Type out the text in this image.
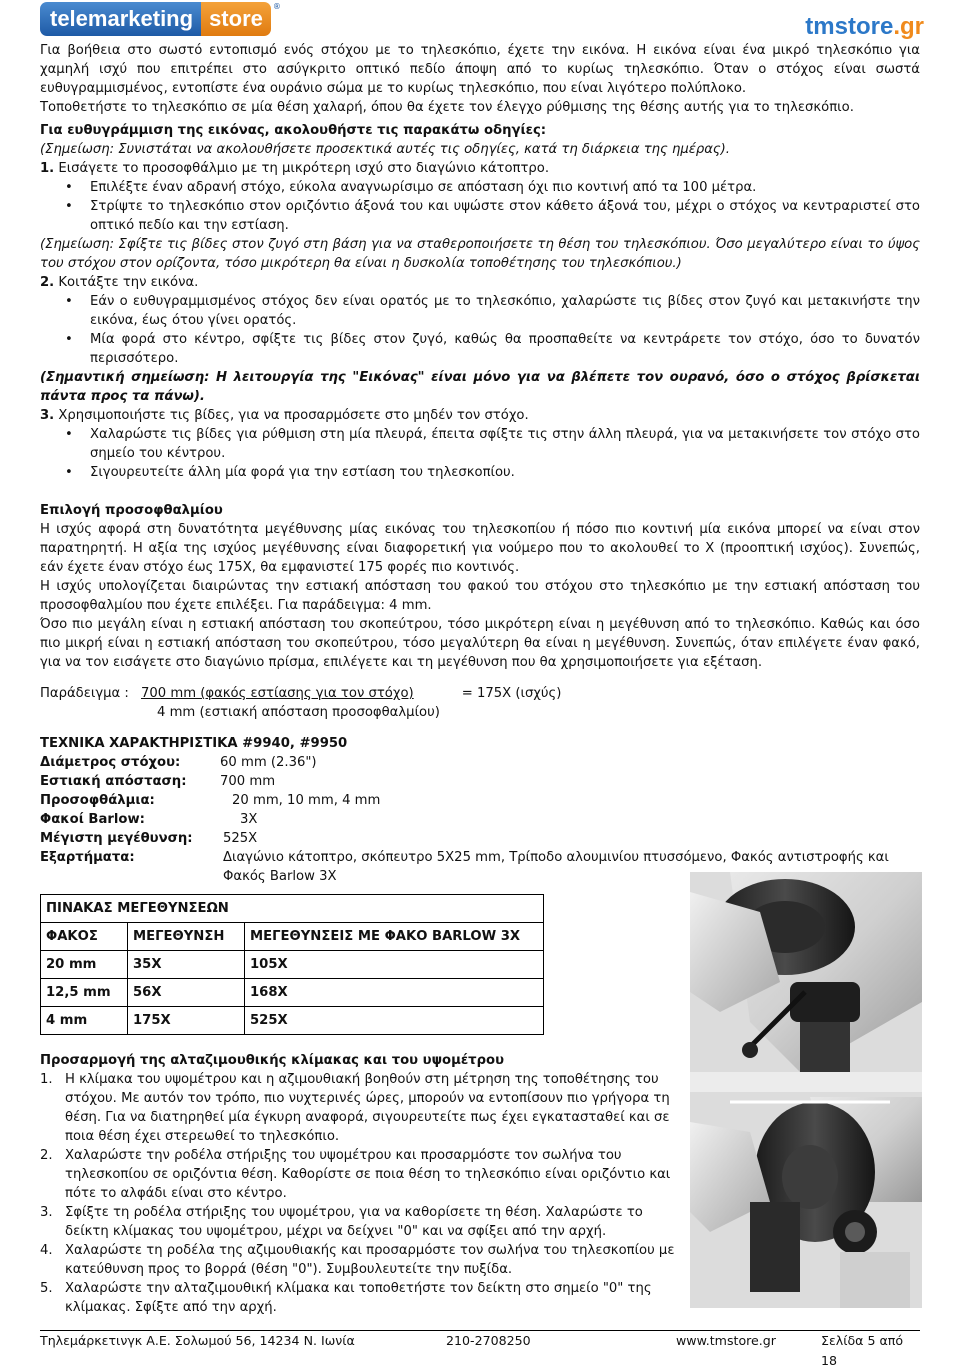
telemarketing store	®
tmstore.gr

Για βοήθεια στο σωστό εντοπισμό ενός στόχου με το τηλεσκόπιο, έχετε την εικόνα. Η εικόνα είναι ένα μικρό τηλεσκόπιο για χαμηλή ισχύ που επιτρέπει στο ασύγκριτο οπτικό πεδίο άποψη από το κυρίως τηλεσκόπιο. Όταν ο στόχος είναι σωστά ευθυγραμμισμένος, εντοπίστε ένα ουράνιο σώμα με το κυρίως τηλεσκόπιο, που είναι λιγότερο πολύπλοκο.

Τοποθετήστε το τηλεσκόπιο σε μία θέση χαλαρή, όπου θα έχετε τον έλεγχο ρύθμισης της θέσης αυτής για το τηλεσκόπιο.

Για ευθυγράμμιση της εικόνας, ακολουθήστε τις παρακάτω οδηγίες:

(Σημείωση: Συνιστάται να ακολουθήσετε προσεκτικά αυτές τις οδηγίες, κατά τη διάρκεια της ημέρας).

1. Εισάγετε το προσοφθάλμιο με τη μικρότερη ισχύ στο διαγώνιο κάτοπτρο.

•	Επιλέξτε έναν αδρανή στόχο, εύκολα αναγνωρίσιμο σε απόσταση όχι πιο κοντινή από τα 100 μέτρα.
•	Στρίψτε το τηλεσκόπιο στον οριζόντιο άξονά του και υψώστε στον κάθετο άξονά του, μέχρι ο στόχος να κεντραριστεί στο οπτικό πεδίο και την εστίαση.

(Σημείωση: Σφίξτε τις βίδες στον ζυγό στη βάση για να σταθεροποιήσετε τη θέση του τηλεσκόπιου. Όσο μεγαλύτερο είναι το ύψος του στόχου στον ορίζοντα, τόσο μικρότερη θα είναι η δυσκολία τοποθέτησης του τηλεσκόπιου.)

2. Κοιτάξτε την εικόνα.

•	Εάν ο ευθυγραμμισμένος στόχος δεν είναι ορατός με το τηλεσκόπιο, χαλαρώστε τις βίδες στον ζυγό και μετακινήστε την εικόνα, έως ότου γίνει ορατός.
•	Μία φορά στο κέντρο, σφίξτε τις βίδες στον ζυγό, καθώς θα προσπαθείτε να κεντράρετε τον στόχο, όσο το δυνατόν περισσότερο.

(Σημαντική σημείωση: Η λειτουργία της "Εικόνας" είναι μόνο για να βλέπετε τον ουρανό, όσο ο στόχος βρίσκεται πάντα προς τα πάνω).

3. Χρησιμοποιήστε τις βίδες, για να προσαρμόσετε στο μηδέν τον στόχο.

•	Χαλαρώστε τις βίδες για ρύθμιση στη μία πλευρά, έπειτα σφίξτε τις στην άλλη πλευρά, για να μετακινήσετε τον στόχο στο σημείο του κέντρου.
•	Σιγουρευτείτε άλλη μία φορά για την εστίαση του τηλεσκοπίου.

Επιλογή προσοφθαλμίου

Η ισχύς αφορά στη δυνατότητα μεγέθυνσης μίας εικόνας του τηλεσκοπίου ή πόσο πιο κοντινή μία εικόνα μπορεί να είναι στον παρατηρητή. Η αξία της ισχύος μεγέθυνσης είναι διαφορετική για νούμερο που το ακολουθεί το X (προοπτική ισχύος). Συνεπώς, εάν έχετε έναν στόχο έως 175X, θα εμφανιστεί 175 φορές πιο κοντινός.

Η ισχύς υπολογίζεται διαιρώντας την εστιακή απόσταση του φακού του στόχου στο τηλεσκόπιο με την εστιακή απόσταση του προσοφθαλμίου που έχετε επιλέξει. Για παράδειγμα: 4 mm.

Όσο πιο μεγάλη είναι η εστιακή απόσταση του σκοπεύτρου, τόσο μικρότερη είναι η μεγέθυνση από το τηλεσκόπιο. Καθώς και όσο πιο μικρή είναι η εστιακή απόσταση του σκοπεύτρου, τόσο μεγαλύτερη θα είναι η μεγέθυνση. Συνεπώς, όταν επιλέγετε έναν φακό, για να τον εισάγετε στο διαγώνιο πρίσμα, επιλέγετε και τη μεγέθυνση που θα χρησιμοποιήσετε για εξέταση.

Παράδειγμα : 700 mm (φακός εστίασης για τον στόχο)	= 175X (ισχύς)
4 mm (εστιακή απόσταση προσοφθαλμίου)

ΤΕΧΝΙΚΑ ΧΑΡΑΚΤΗΡΙΣΤΙΚΑ #9940, #9950

Διάμετρος στόχου:	60 mm (2.36")
Εστιακή απόσταση:	700 mm
Προσοφθάλμια:	20 mm, 10 mm, 4 mm
Φακοί Barlow:	3X
Μέγιστη μεγέθυνση:	525X
Εξαρτήματα:	Διαγώνιο κάτοπτρο, σκόπευτρο 5X25 mm, Τρίποδο αλουμινίου πτυσσόμενο, Φακός αντιστροφής και Φακός Barlow 3X
ΠΙΝΑΚΑΣ ΜΕΓΕΘΥΝΣΕΩΝ		
ΦΑΚΟΣ	ΜΕΓΕΘΥΝΣΗ	ΜΕΓΕΘΥΝΣΕΙΣ ΜΕ ΦΑΚΟ BARLOW 3X
20 mm	35X	105X
12,5 mm	56X	168X
4 mm	175X	525X

Προσαρμογή της αλταζιμουθικής κλίμακας και του υψομέτρου

1. Η κλίμακα του υψομέτρου και η αζιμουθιακή βοηθούν στη μέτρηση της τοποθέτησης του στόχου. Με αυτόν τον τρόπο, πιο νυχτερινές ώρες, μπορούν να εντοπίσουν πιο γρήγορα τη θέση. Για να διατηρηθεί μία έγκυρη αναφορά, σιγουρευτείτε πως έχει εγκατασταθεί και σε ποια θέση έχει στερεωθεί το τηλεσκόπιο.
2. Χαλαρώστε την ροδέλα στήριξης του υψομέτρου και προσαρμόστε τον σωλήνα του τηλεσκοπίου σε οριζόντια θέση. Καθορίστε σε ποια θέση το τηλεσκόπιο είναι οριζόντιο και πότε το αλφάδι είναι στο κέντρο.
3. Σφίξτε τη ροδέλα στήριξης του υψομέτρου, για να καθορίσετε τη θέση. Χαλαρώστε το δείκτη κλίμακας του υψομέτρου, μέχρι να δείχνει "0" και να σφίξει από την αρχή.
4. Χαλαρώστε τη ροδέλα της αζιμουθιακής και προσαρμόστε τον σωλήνα του τηλεσκοπίου με κατεύθυνση προς το βορρά (θέση "0"). Συμβουλευτείτε την πυξίδα.
5. Χαλαρώστε την αλταζιμουθική κλίμακα και τοποθετήστε τον δείκτη στο σημείο "0" της κλίμακας. Σφίξτε από την αρχή.
Τηλεμάρκετινγκ Α.Ε. Σολωμού 56, 14234 Ν. Ιωνία	210-2708250	www.tmstore.gr	Σελίδα 5 από 18
